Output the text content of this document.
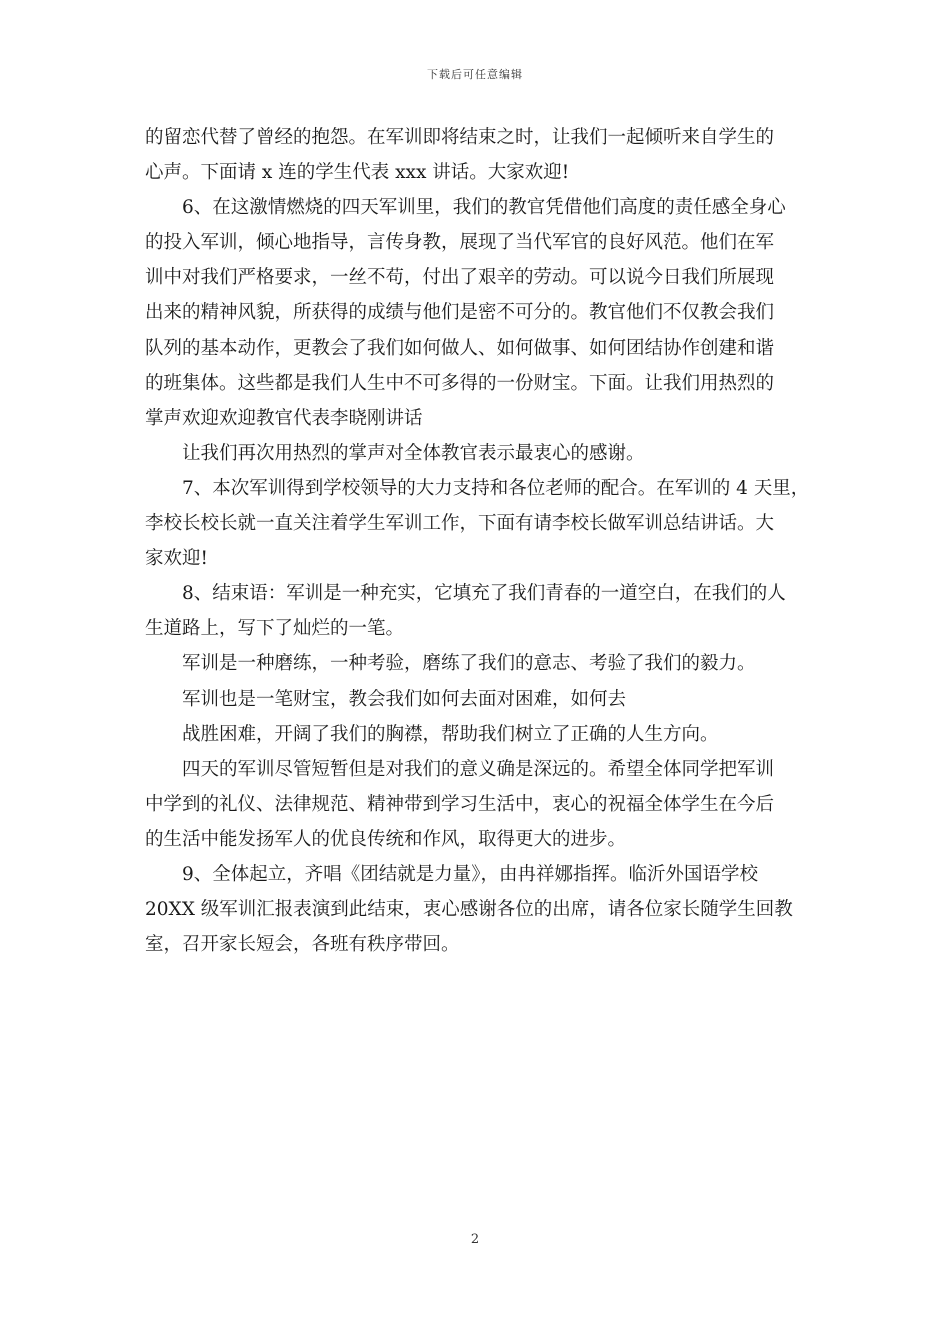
下载后可任意编辑
的留恋代替了曾经的抱怨。在军训即将结束之时，让我们一起倾听来自学生的
心声。下面请 x 连的学生代表 xxx 讲话。大家欢迎!
6、在这激情燃烧的四天军训里，我们的教官凭借他们高度的责任感全身心
的投入军训，倾心地指导，言传身教，展现了当代军官的良好风范。他们在军
训中对我们严格要求，一丝不苟，付出了艰辛的劳动。可以说今日我们所展现
出来的精神风貌，所获得的成绩与他们是密不可分的。教官他们不仅教会我们
队列的基本动作，更教会了我们如何做人、如何做事、如何团结协作创建和谐
的班集体。这些都是我们人生中不可多得的一份财宝。下面。让我们用热烈的
掌声欢迎欢迎教官代表李晓刚讲话
让我们再次用热烈的掌声对全体教官表示最衷心的感谢。
7、本次军训得到学校领导的大力支持和各位老师的配合。在军训的 4 天里，
李校长校长就一直关注着学生军训工作，下面有请李校长做军训总结讲话。大
家欢迎!
8、结束语：军训是一种充实，它填充了我们青春的一道空白，在我们的人
生道路上，写下了灿烂的一笔。
军训是一种磨练，一种考验，磨练了我们的意志、考验了我们的毅力。
军训也是一笔财宝，教会我们如何去面对困难，如何去
战胜困难，开阔了我们的胸襟，帮助我们树立了正确的人生方向。
四天的军训尽管短暂但是对我们的意义确是深远的。希望全体同学把军训
中学到的礼仪、法律规范、精神带到学习生活中，衷心的祝福全体学生在今后
的生活中能发扬军人的优良传统和作风，取得更大的进步。
9、全体起立，齐唱《团结就是力量》，由冉祥娜指挥。临沂外国语学校
20XX 级军训汇报表演到此结束，衷心感谢各位的出席，请各位家长随学生回教
室，召开家长短会，各班有秩序带回。
2
